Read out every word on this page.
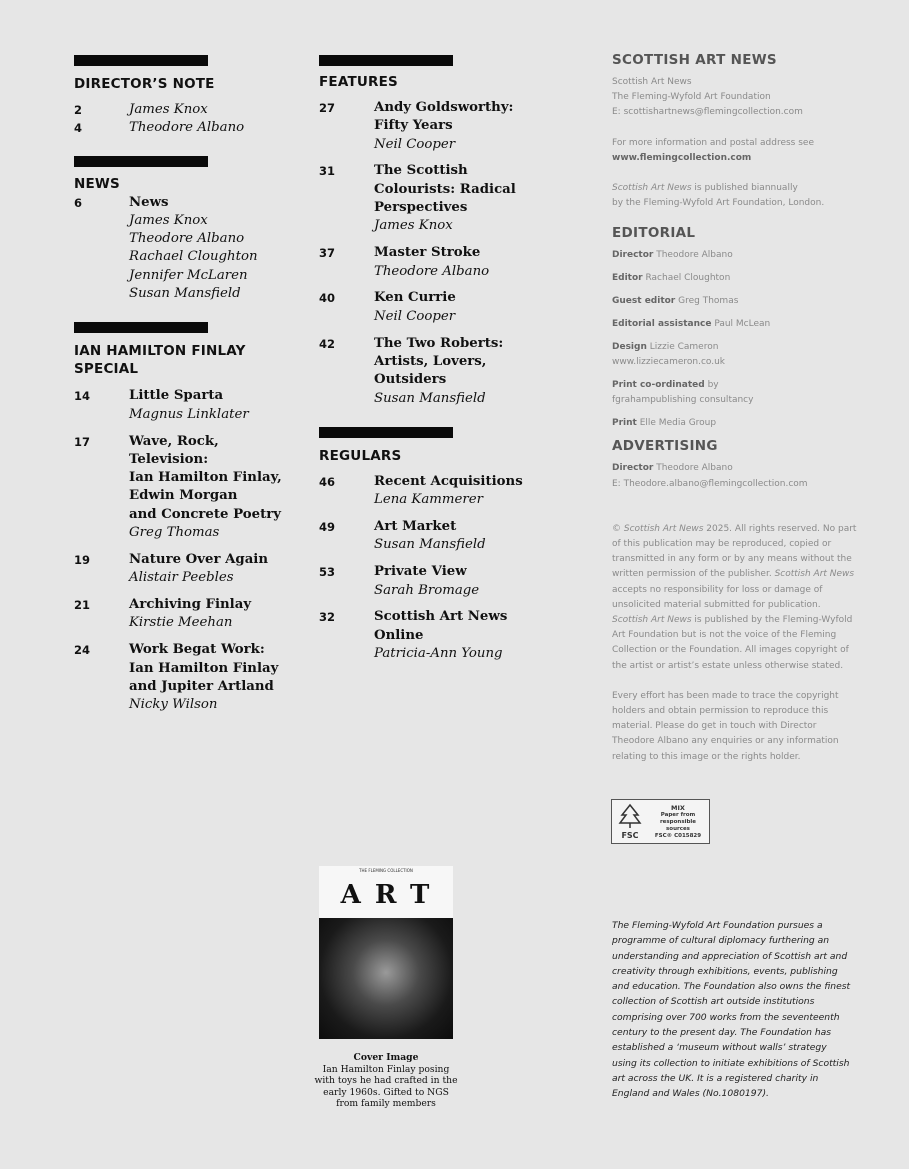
DIRECTOR’S NOTE
2	James Knox
4	Theodore Albano
NEWS
6	News
James Knox
Theodore Albano
Rachael Cloughton
Jennifer McLaren
Susan Mansfield
IAN HAMILTON FINLAY
SPECIAL
14	Little Sparta
Magnus Linklater
17	Wave, Rock, Television:
Ian Hamilton Finlay,
Edwin Morgan
and Concrete Poetry
Greg Thomas
19	Nature Over Again
Alistair Peebles
21	Archiving Finlay
Kirstie Meehan
24	Work Begat Work:
Ian Hamilton Finlay
and Jupiter Artland
Nicky Wilson
FEATURES
27	Andy Goldsworthy:
Fifty Years
Neil Cooper
31	The Scottish
Colourists: Radical
Perspectives
James Knox
37	Master Stroke
Theodore Albano
40	Ken Currie
Neil Cooper
42	The Two Roberts:
Artists, Lovers,
Outsiders
Susan Mansfield
REGULARS
46	Recent Acquisitions
Lena Kammerer
49	Art Market
Susan Mansfield
53	Private View
Sarah Bromage
32	Scottish Art News
Online
Patricia-Ann Young
THE FLEMING COLLECTION
ART
Cover Image
Ian Hamilton Finlay posing with toys he had crafted in the early 1960s. Gifted to NGS from family members
SCOTTISH ART NEWS
Scottish Art News
The Fleming-Wyfold Art Foundation
E: scottishartnews@flemingcollection.com
For more information and postal address see
www.flemingcollection.com
Scottish Art News is published biannually
by the Fleming-Wyfold Art Foundation, London.
EDITORIAL
Director Theodore Albano
Editor Rachael Cloughton
Guest editor Greg Thomas
Editorial assistance Paul McLean
Design Lizzie Cameron
www.lizziecameron.co.uk
Print co-ordinated by
fgrahampublishing consultancy
Print Elle Media Group
ADVERTISING
Director Theodore Albano
E: Theodore.albano@flemingcollection.com
© Scottish Art News 2025. All rights reserved. No part of this publication may be reproduced, copied or transmitted in any form or by any means without the written permission of the publisher. Scottish Art News accepts no responsibility for loss or damage of unsolicited material submitted for publication. Scottish Art News is published by the Fleming-Wyfold Art Foundation but is not the voice of the Fleming Collection or the Foundation. All images copyright of the artist or artist’s estate unless otherwise stated.
Every effort has been made to trace the copyright holders and obtain permission to reproduce this material. Please do get in touch with Director Theodore Albano any enquiries or any information relating to this image or the rights holder.
FSC
MIX
Paper from
responsible sources
FSC® C015829
The Fleming-Wyfold Art Foundation pursues a programme of cultural diplomacy furthering an understanding and appreciation of Scottish art and creativity through exhibitions, events, publishing and education. The Foundation also owns the finest collection of Scottish art outside institutions comprising over 700 works from the seventeenth century to the present day. The Foundation has established a ‘museum without walls’ strategy using its collection to initiate exhibitions of Scottish art across the UK. It is a registered charity in England and Wales (No.1080197).
